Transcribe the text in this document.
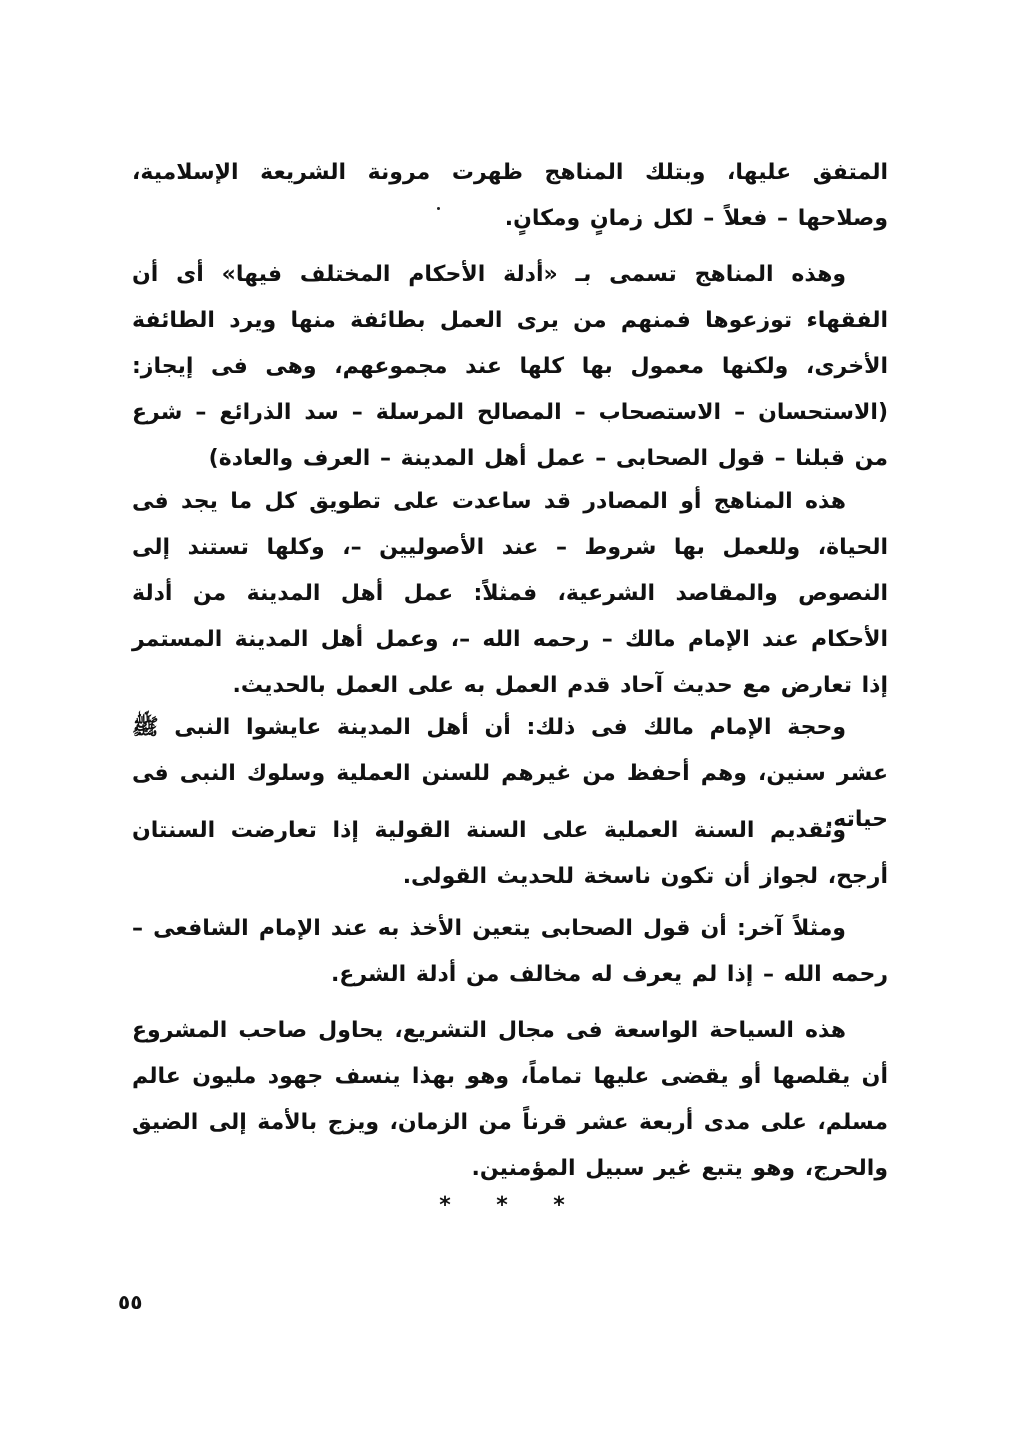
المتفق عليها، وبتلك المناهج ظهرت مرونة الشريعة الإسلامية، وصلاحها – فعلاً – لكل زمانٍ ومكانٍ.

وهذه المناهج تسمى بـ «أدلة الأحكام المختلف فيها» أى أن الفقهاء توزعوها فمنهم من يرى العمل بطائفة منها ويرد الطائفة الأخرى، ولكنها معمول بها كلها عند مجموعهم، وهى فى إيجاز: (الاستحسان – الاستصحاب – المصالح المرسلة – سد الذرائع – شرع من قبلنا – قول الصحابى – عمل أهل المدينة – العرف والعادة)

هذه المناهج أو المصادر قد ساعدت على تطويق كل ما يجد فى الحياة، وللعمل بها شروط – عند الأصوليين –، وكلها تستند إلى النصوص والمقاصد الشرعية، فمثلاً: عمل أهل المدينة من أدلة الأحكام عند الإمام مالك – رحمه الله –، وعمل أهل المدينة المستمر إذا تعارض مع حديث آحاد قدم العمل به على العمل بالحديث.

وحجة الإمام مالك فى ذلك: أن أهل المدينة عايشوا النبى ﷺ عشر سنين، وهم أحفظ من غيرهم للسنن العملية وسلوك النبى فى حياته.

وتقديم السنة العملية على السنة القولية إذا تعارضت السنتان أرجح، لجواز أن تكون ناسخة للحديث القولى.

ومثلاً آخر: أن قول الصحابى يتعين الأخذ به عند الإمام الشافعى – رحمه الله – إذا لم يعرف له مخالف من أدلة الشرع.

هذه السياحة الواسعة فى مجال التشريع، يحاول صاحب المشروع أن يقلصها أو يقضى عليها تماماً، وهو بهذا ينسف جهود مليون عالم مسلم، على مدى أربعة عشر قرناً من الزمان، ويزج بالأمة إلى الضيق والحرج، وهو يتبع غير سبيل المؤمنين.

*	*	*
٥٥
